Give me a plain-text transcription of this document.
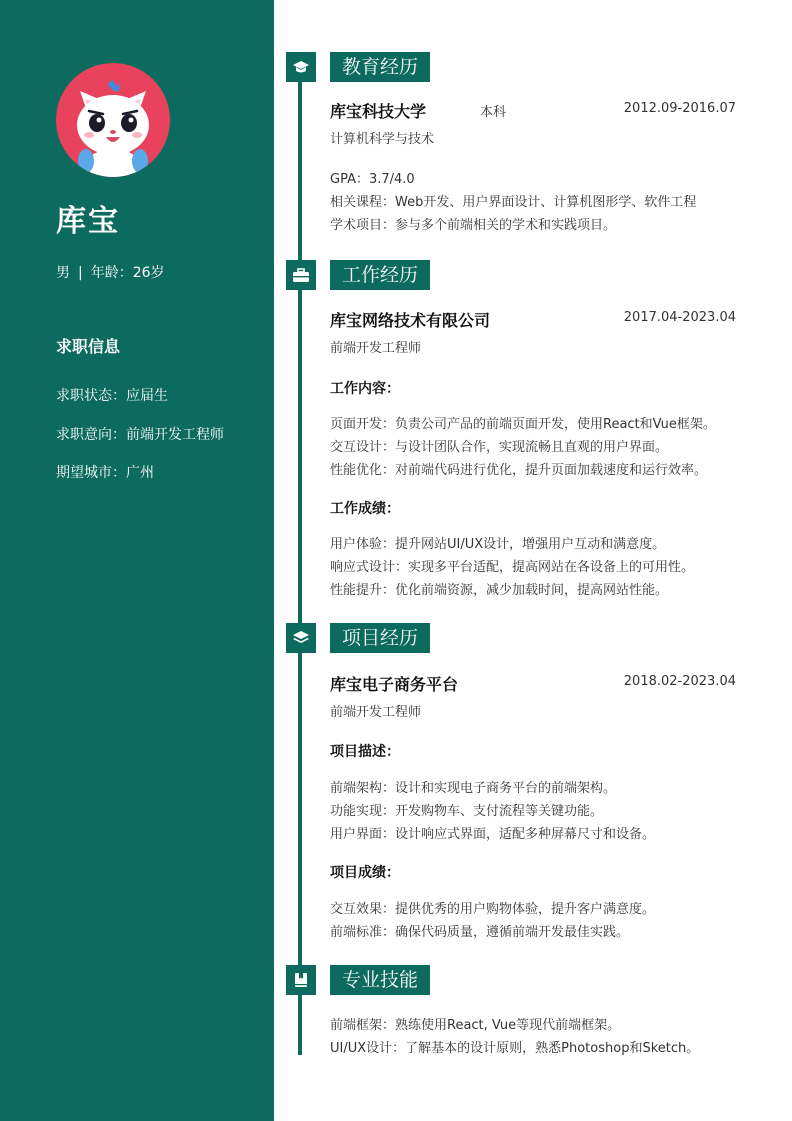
库宝
男 | 年龄：26岁
求职信息
求职状态：应届生
求职意向：前端开发工程师
期望城市：广州
教育经历
库宝科技大学	本科	2012.09-2016.07
计算机科学与技术
GPA：3.7/4.0
相关课程：Web开发、用户界面设计、计算机图形学、软件工程
学术项目：参与多个前端相关的学术和实践项目。
工作经历
库宝网络技术有限公司	2017.04-2023.04
前端开发工程师
工作内容：
页面开发：负责公司产品的前端页面开发，使用React和Vue框架。
交互设计：与设计团队合作，实现流畅且直观的用户界面。
性能优化：对前端代码进行优化，提升页面加载速度和运行效率。
工作成绩：
用户体验：提升网站UI/UX设计，增强用户互动和满意度。
响应式设计：实现多平台适配，提高网站在各设备上的可用性。
性能提升：优化前端资源，减少加载时间，提高网站性能。
项目经历
库宝电子商务平台	2018.02-2023.04
前端开发工程师
项目描述：
前端架构：设计和实现电子商务平台的前端架构。
功能实现：开发购物车、支付流程等关键功能。
用户界面：设计响应式界面，适配多种屏幕尺寸和设备。
项目成绩：
交互效果：提供优秀的用户购物体验，提升客户满意度。
前端标准：确保代码质量，遵循前端开发最佳实践。
专业技能
前端框架：熟练使用React, Vue等现代前端框架。
UI/UX设计：了解基本的设计原则，熟悉Photoshop和Sketch。
